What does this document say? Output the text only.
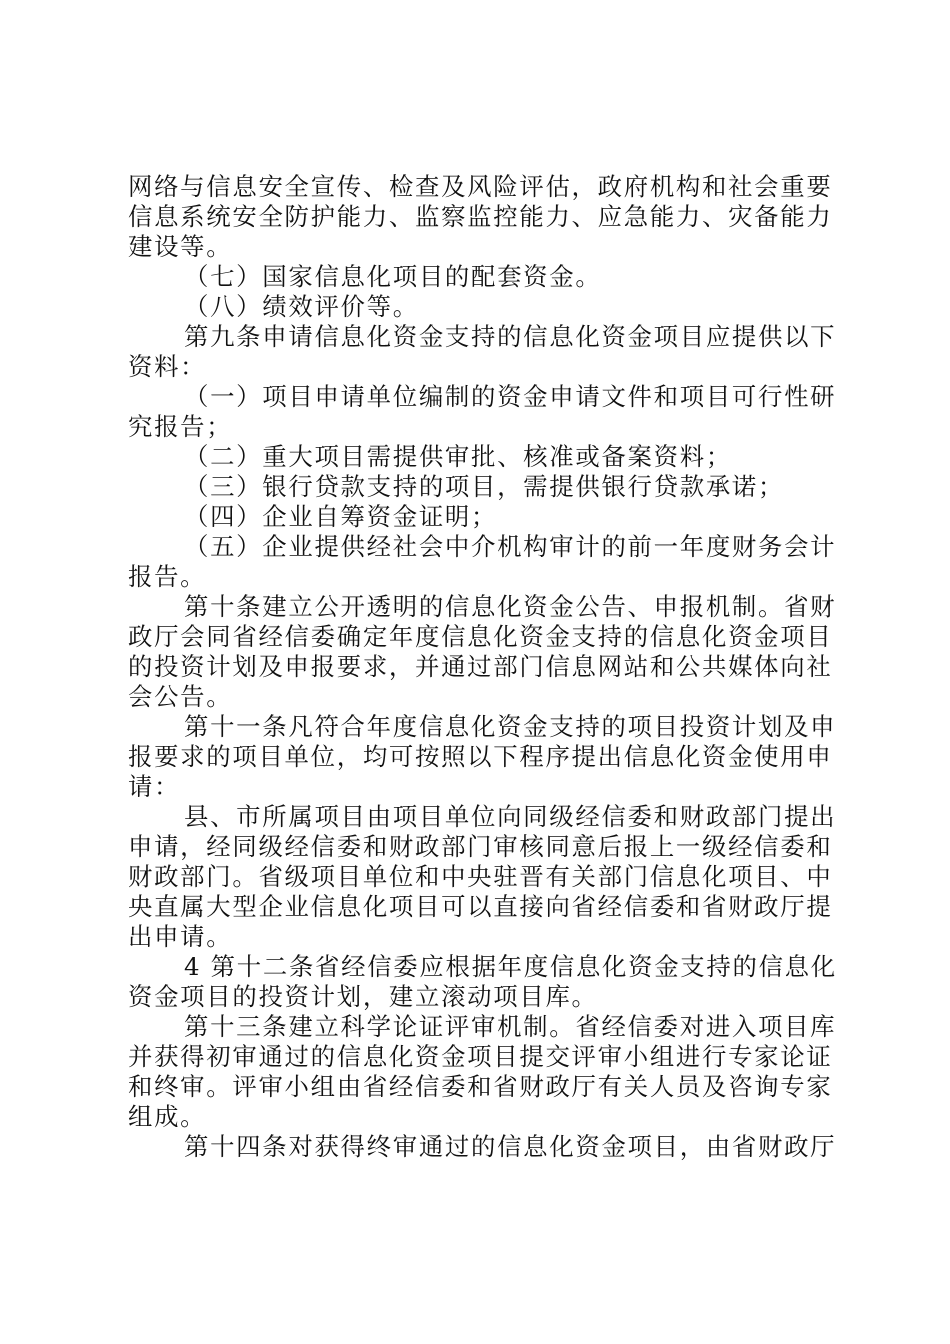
网络与信息安全宣传、检查及风险评估，政府机构和社会重要
信息系统安全防护能力、监察监控能力、应急能力、灾备能力
建设等。
（七）国家信息化项目的配套资金。
（八）绩效评价等。
第九条申请信息化资金支持的信息化资金项目应提供以下
资料：
（一）项目申请单位编制的资金申请文件和项目可行性研
究报告；
（二）重大项目需提供审批、核准或备案资料；
（三）银行贷款支持的项目，需提供银行贷款承诺；
（四）企业自筹资金证明；
（五）企业提供经社会中介机构审计的前一年度财务会计
报告。
第十条建立公开透明的信息化资金公告、申报机制。省财
政厅会同省经信委确定年度信息化资金支持的信息化资金项目
的投资计划及申报要求，并通过部门信息网站和公共媒体向社
会公告。
第十一条凡符合年度信息化资金支持的项目投资计划及申
报要求的项目单位，均可按照以下程序提出信息化资金使用申
请：
县、市所属项目由项目单位向同级经信委和财政部门提出
申请，经同级经信委和财政部门审核同意后报上一级经信委和
财政部门。省级项目单位和中央驻晋有关部门信息化项目、中
央直属大型企业信息化项目可以直接向省经信委和省财政厅提
出申请。
4 第十二条省经信委应根据年度信息化资金支持的信息化
资金项目的投资计划，建立滚动项目库。
第十三条建立科学论证评审机制。省经信委对进入项目库
并获得初审通过的信息化资金项目提交评审小组进行专家论证
和终审。评审小组由省经信委和省财政厅有关人员及咨询专家
组成。
第十四条对获得终审通过的信息化资金项目，由省财政厅
